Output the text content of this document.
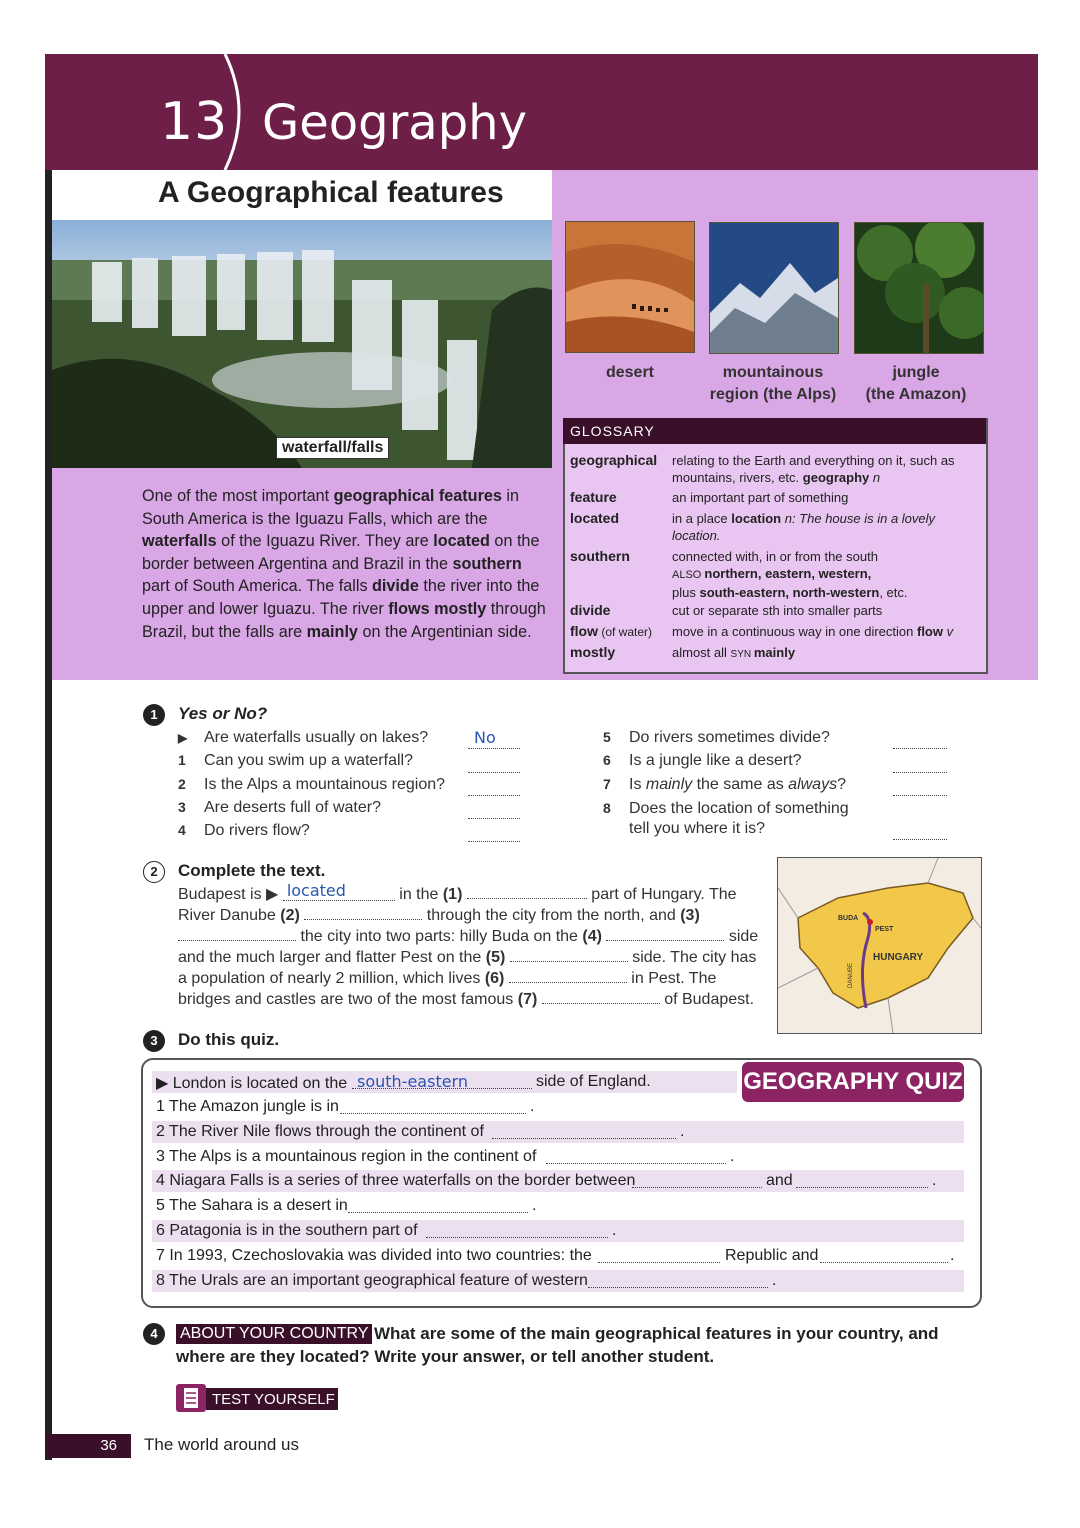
13 Geography
A Geographical features
waterfall/falls
One of the most important geographical features in South America is the Iguazu Falls, which are the waterfalls of the Iguazu River. They are located on the border between Argentina and Brazil in the southern part of South America. The falls divide the river into the upper and lower Iguazu. The river flows mostly through Brazil, but the falls are mainly on the Argentinian side.
desert	mountainous
region (the Alps)
jungle
(the Amazon)
GLOSSARY
geographical relating to the Earth and everything on it, such as mountains, rivers, etc. geography n
feature	an important part of something
located	in a place location n: The house is in a lovely location.
southern	connected with, in or from the south
ALSO northern, eastern, western,
plus south-eastern, north-western, etc.
divide	cut or separate sth into smaller parts
flow (of water) move in a continuous way in one direction flow v
mostly	almost all SYN mainly
1	Yes or No?
▶ Are waterfalls usually on lakes?	No
1 Can you swim up a waterfall?
2 Is the Alps a mountainous region?
3 Are deserts full of water?
4 Do rivers flow?
5 Do rivers sometimes divide?
6 Is a jungle like a desert?
7 Is mainly the same as always?
8 Does the location of something
tell you where it is?
2	Complete the text.
Budapest is ▶ located	in the (1)	part of Hungary. The River Danube (2)	through the city from the north, and (3)  the city into two parts: hilly Buda on the (4)	side and the much larger and flatter Pest on the (5)	side. The city has a population of nearly 2 million, which lives (6)	in Pest. The bridges and castles are two of the most famous (7)	of Budapest.
BUDA
PEST
HUNGARY
DANUBE
3	Do this quiz.
GEOGRAPHY QUIZ
▶ London is located on the south-eastern	side of England.
1 The Amazon jungle is in	.
2 The River Nile flows through the continent of	.
3 The Alps is a mountainous region in the continent of	.
4 Niagara Falls is a series of three waterfalls on the border between	and	.
5 The Sahara is a desert in	.
6 Patagonia is in the southern part of	.
7 In 1993, Czechoslovakia was divided into two countries: the	Republic and	.
8 The Urals are an important geographical feature of western	.
4	What are some of the main geographical features in your country, and where are they located? Write your answer, or tell another student.
ABOUT YOUR COUNTRY
TEST YOURSELF
36 The world around us
